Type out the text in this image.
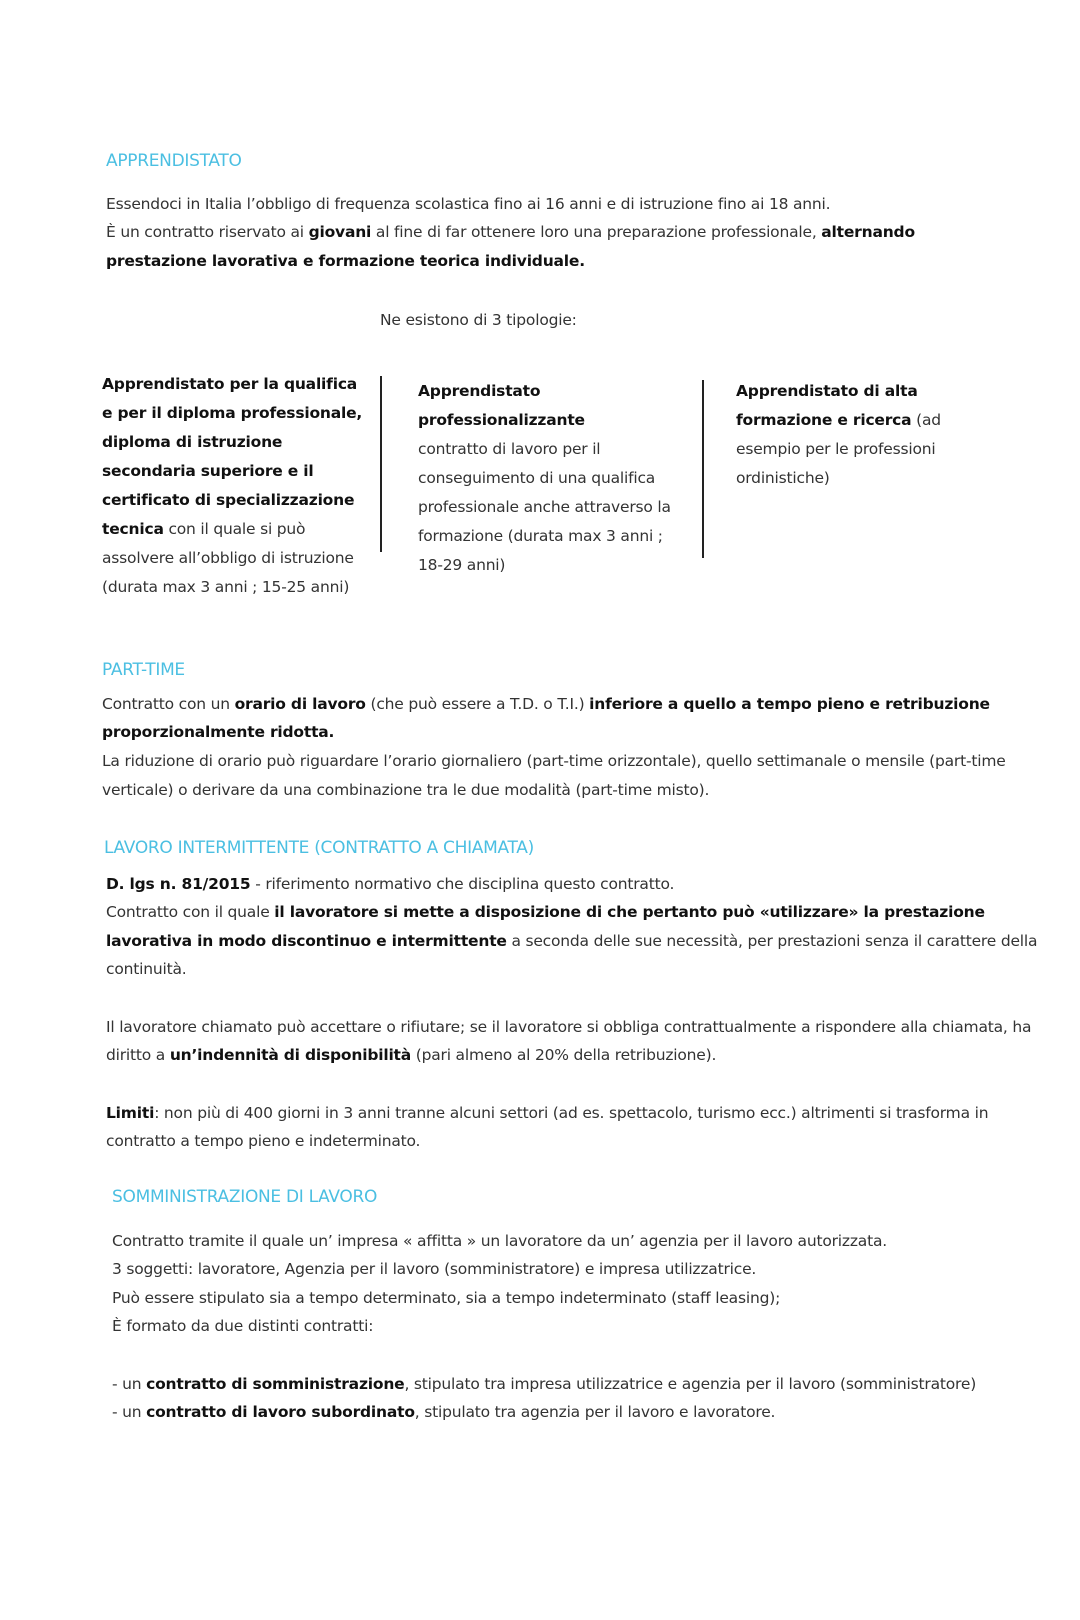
APPRENDISTATO

Essendoci in Italia l’obbligo di frequenza scolastica fino ai 16 anni e di istruzione fino ai 18 anni.

È un contratto riservato ai giovani al fine di far ottenere loro una preparazione professionale, alternando

prestazione lavorativa e formazione teorica individuale.

Ne esistono di 3 tipologie:

Apprendistato per la qualifica e per il diploma professionale, diploma di istruzione secondaria superiore e il certificato di specializzazione tecnica con il quale si può assolvere all’obbligo di istruzione (durata max 3 anni ; 15-25 anni)
Apprendistato professionalizzante
contratto di lavoro per il conseguimento di una qualifica professionale anche attraverso la formazione (durata max 3 anni ; 18-29 anni)
Apprendistato di alta formazione e ricerca (ad esempio per le professioni ordinistiche)
PART-TIME

Contratto con un orario di lavoro (che può essere a T.D. o T.I.) inferiore a quello a tempo pieno e retribuzione

proporzionalmente ridotta.

La riduzione di orario può riguardare l’orario giornaliero (part-time orizzontale), quello settimanale o mensile (part-time

verticale) o derivare da una combinazione tra le due modalità (part-time misto).

LAVORO INTERMITTENTE (CONTRATTO A CHIAMATA)

D. lgs n. 81/2015 - riferimento normativo che disciplina questo contratto.

Contratto con il quale il lavoratore si mette a disposizione di che pertanto può «utilizzare» la prestazione

lavorativa in modo discontinuo e intermittente a seconda delle sue necessità, per prestazioni senza il carattere della

continuità.

Il lavoratore chiamato può accettare o rifiutare; se il lavoratore si obbliga contrattualmente a rispondere alla chiamata, ha

diritto a un’indennità di disponibilità (pari almeno al 20% della retribuzione).

Limiti: non più di 400 giorni in 3 anni tranne alcuni settori (ad es. spettacolo, turismo ecc.) altrimenti si trasforma in

contratto a tempo pieno e indeterminato.

SOMMINISTRAZIONE DI LAVORO

Contratto tramite il quale un’ impresa « affitta » un lavoratore da un’ agenzia per il lavoro autorizzata.

3 soggetti: lavoratore, Agenzia per il lavoro (somministratore) e impresa utilizzatrice.

Può essere stipulato sia a tempo determinato, sia a tempo indeterminato (staff leasing);

È formato da due distinti contratti:

- un contratto di somministrazione, stipulato tra impresa utilizzatrice e agenzia per il lavoro (somministratore)

- un contratto di lavoro subordinato, stipulato tra agenzia per il lavoro e lavoratore.
